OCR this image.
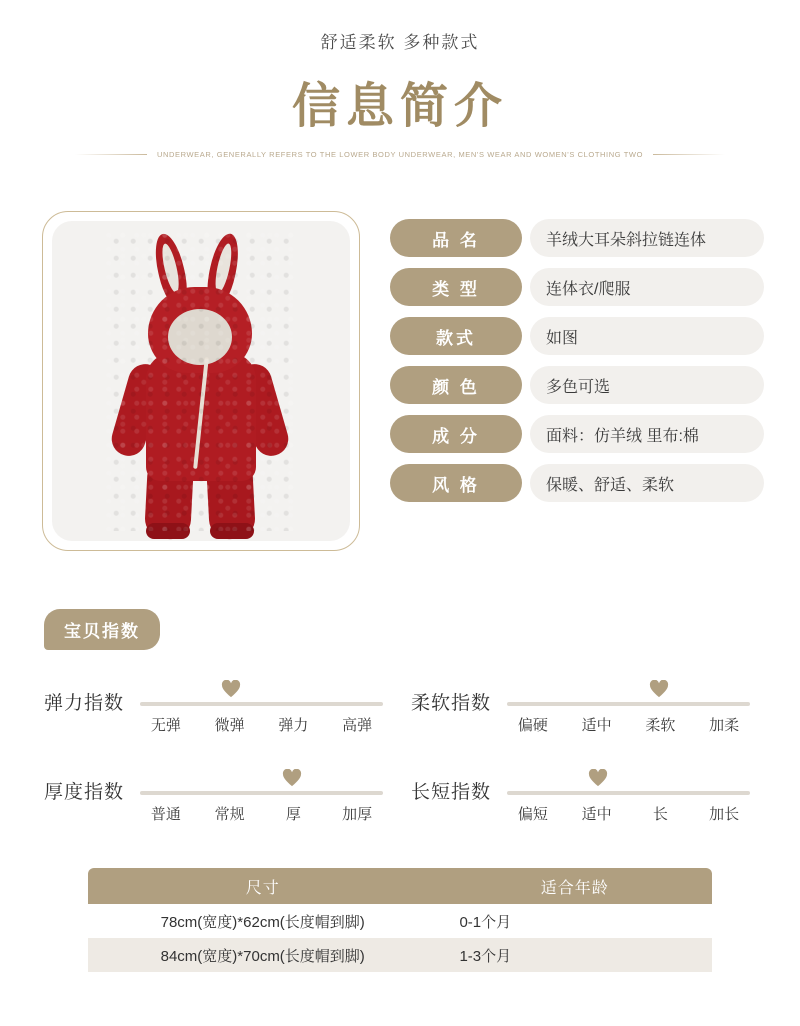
舒适柔软 多种款式
信息简介
UNDERWEAR, GENERALLY REFERS TO THE LOWER BODY UNDERWEAR, MEN'S WEAR AND WOMEN'S CLOTHING TWO
品 名	羊绒大耳朵斜拉链连体
类 型	连体衣/爬服
款式	如图
颜 色	多色可选
成 分	面料：仿羊绒 里布:棉
风 格	保暖、舒适、柔软
宝贝指数
弹力指数
无弹	微弹	弹力	高弹
柔软指数
偏硬	适中	柔软	加柔
厚度指数
普通	常规	厚	加厚
长短指数
偏短	适中	长	加长
尺寸	适合年龄
78cm(宽度)*62cm(长度帽到脚)	0-1个月
84cm(宽度)*70cm(长度帽到脚)	1-3个月
